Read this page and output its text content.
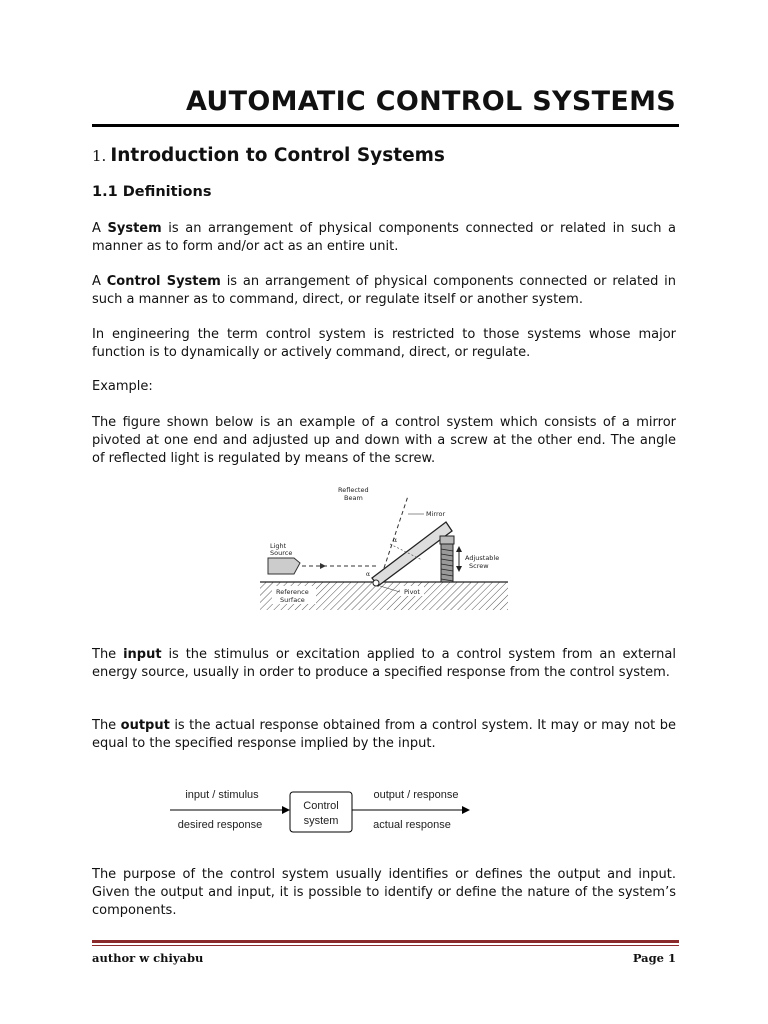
AUTOMATIC CONTROL SYSTEMS
1. Introduction to Control Systems
1.1 Definitions

A System is an arrangement of physical components connected or related in such a manner as to form and/or act as an entire unit.

A Control System is an arrangement of physical components connected or related in such a manner as to command, direct, or regulate itself or another system.

In engineering the term control system is restricted to those systems whose major function is to dynamically or actively command, direct, or regulate.

Example:

The figure shown below is an example of a control system which consists of a mirror pivoted at one end and adjusted up and down with a screw at the other end. The angle of reflected light is regulated by means of the screw.

Reflected
Beam
Mirror
Light
Source
Adjustable
Screw
Reference
Surface
Pivot
α
α

The input is the stimulus or excitation applied to a control system from an external energy source, usually in order to produce a specified response from the control system.

The output is the actual response obtained from a control system. It may or may not be equal to the specified response implied by the input.

input / stimulus
desired response
Control
system
output / response
actual response

The purpose of the control system usually identifies or defines the output and input. Given the output and input, it is possible to identify or define the nature of the system’s components.

author w chiyabu	Page 1
